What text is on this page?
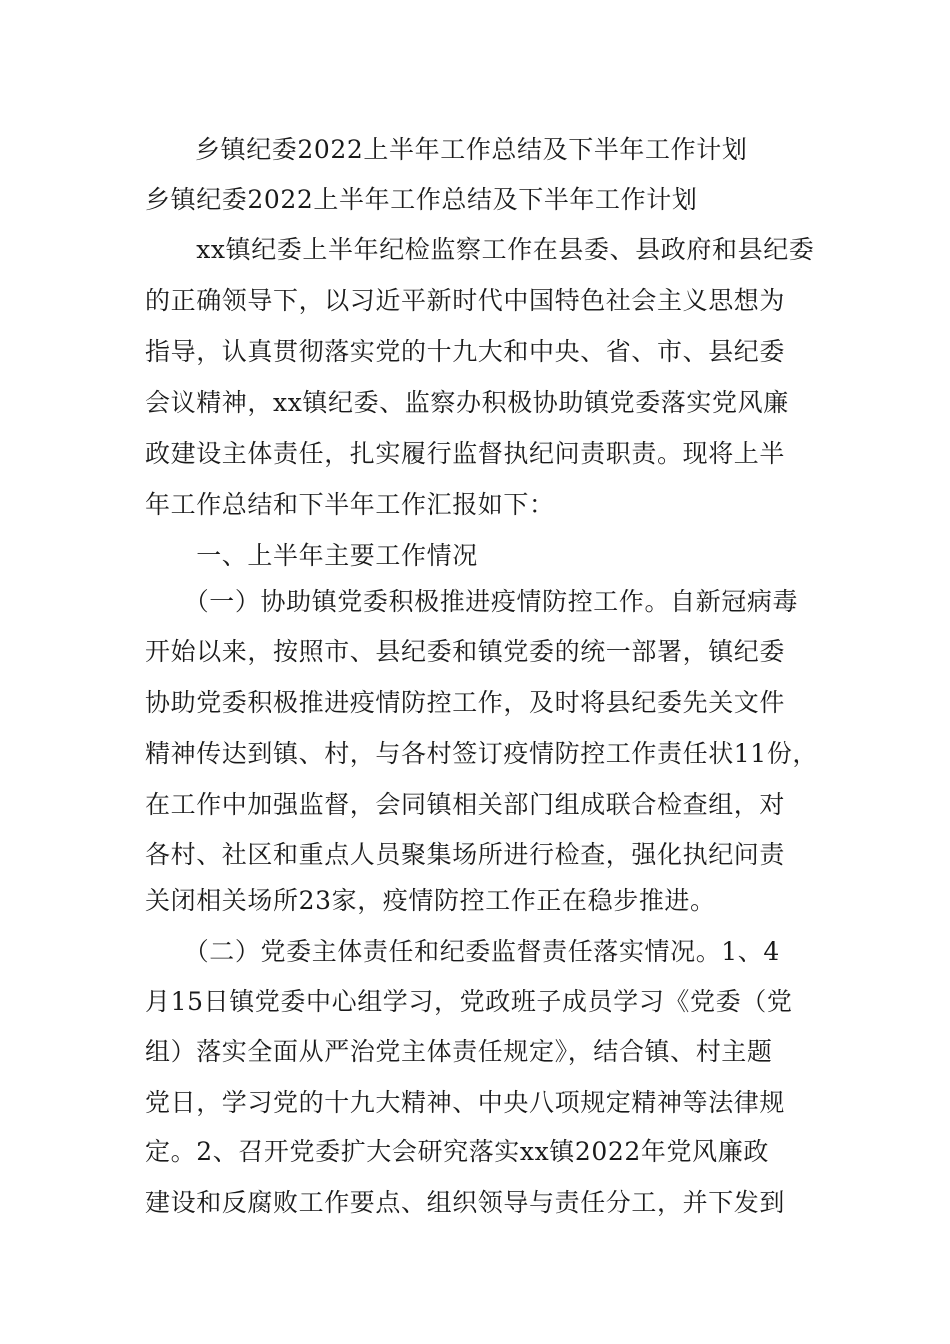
乡镇纪委2022上半年工作总结及下半年工作计划
乡镇纪委2022上半年工作总结及下半年工作计划
　　xx镇纪委上半年纪检监察工作在县委、县政府和县纪委
的正确领导下，以习近平新时代中国特色社会主义思想为
指导，认真贯彻落实党的十九大和中央、省、市、县纪委
会议精神，xx镇纪委、监察办积极协助镇党委落实党风廉
政建设主体责任，扎实履行监督执纪问责职责。现将上半
年工作总结和下半年工作汇报如下：
　　一、上半年主要工作情况
　　（一）协助镇党委积极推进疫情防控工作。自新冠病毒
开始以来，按照市、县纪委和镇党委的统一部署，镇纪委
协助党委积极推进疫情防控工作，及时将县纪委先关文件
精神传达到镇、村，与各村签订疫情防控工作责任状11份，
在工作中加强监督，会同镇相关部门组成联合检查组，对
各村、社区和重点人员聚集场所进行检查，强化执纪问责
关闭相关场所23家，疫情防控工作正在稳步推进。
　　（二）党委主体责任和纪委监督责任落实情况。1、4
月15日镇党委中心组学习，党政班子成员学习《党委（党
组）落实全面从严治党主体责任规定》，结合镇、村主题
党日，学习党的十九大精神、中央八项规定精神等法律规
定。2、召开党委扩大会研究落实xx镇2022年党风廉政
建设和反腐败工作要点、组织领导与责任分工，并下发到
